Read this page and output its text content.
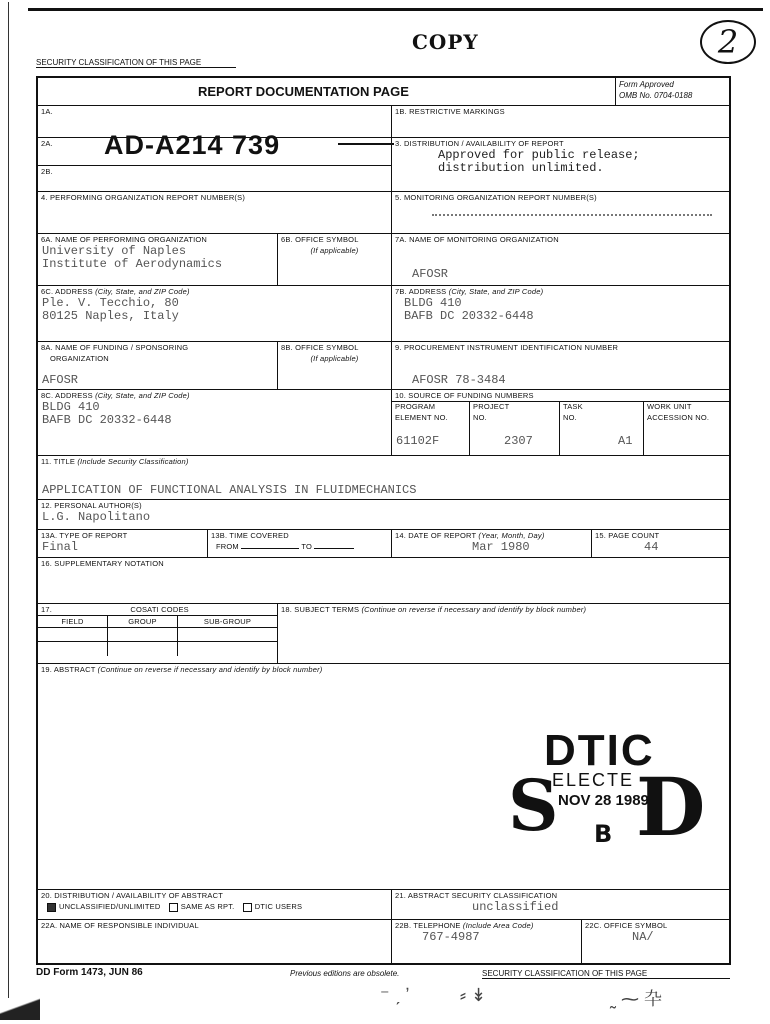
COPY	2
SECURITY CLASSIFICATION OF THIS PAGE
REPORT DOCUMENTATION PAGE	Form Approved
OMB No. 0704-0188
1A.	1B. RESTRICTIVE MARKINGS
2A.
2B.
3. DISTRIBUTION / AVAILABILITY OF REPORT
Approved for public release;
distribution unlimited.
4. PERFORMING ORGANIZATION REPORT NUMBER(S)	5. MONITORING ORGANIZATION REPORT NUMBER(S)
6A. NAME OF PERFORMING ORGANIZATION
University of Naples
Institute of Aerodynamics
6B. OFFICE SYMBOL
(If applicable)
7A. NAME OF MONITORING ORGANIZATION
AFOSR
6C. ADDRESS (City, State, and ZIP Code)
Ple. V. Tecchio, 80
80125 Naples, Italy
7B. ADDRESS (City, State, and ZIP Code)
BLDG 410
BAFB DC 20332-6448
8A. NAME OF FUNDING / SPONSORING
ORGANIZATION
AFOSR
8B. OFFICE SYMBOL
(If applicable)
9. PROCUREMENT INSTRUMENT IDENTIFICATION NUMBER
AFOSR 78-3484
8C. ADDRESS (City, State, and ZIP Code)
BLDG 410
BAFB DC 20332-6448
10. SOURCE OF FUNDING NUMBERS
PROGRAM
ELEMENT NO.
61102F
PROJECT
NO.
2307
TASK
NO.
A1
WORK UNIT
ACCESSION NO.
11. TITLE (Include Security Classification)
APPLICATION OF FUNCTIONAL ANALYSIS IN FLUIDMECHANICS
12. PERSONAL AUTHOR(S)
L.G. Napolitano
13A. TYPE OF REPORT
Final
13B. TIME COVERED
FROM	TO
14. DATE OF REPORT (Year, Month, Day)
Mar 1980
15. PAGE COUNT
44
16. SUPPLEMENTARY NOTATION
17.	COSATI CODES
FIELD	GROUP	SUB-GROUP
18. SUBJECT TERMS (Continue on reverse if necessary and identify by block number)
19. ABSTRACT (Continue on reverse if necessary and identify by block number)
20. DISTRIBUTION / AVAILABILITY OF ABSTRACT
UNCLASSIFIED/UNLIMITED	SAME AS RPT.	DTIC USERS
21. ABSTRACT SECURITY CLASSIFICATION
unclassified
22A. NAME OF RESPONSIBLE INDIVIDUAL	22B. TELEPHONE (Include Area Code)
767-4987
22C. OFFICE SYMBOL
NA/
AD-A214 739
DTIC
ELECTE
NOV 28 1989
S D
B
DD Form 1473, JUN 86	Previous editions are obsolete.	SECURITY CLASSIFICATION OF THIS PAGE
⁻ ˏ ʼ	⸗ ↡	˷ ⁓ 卆
